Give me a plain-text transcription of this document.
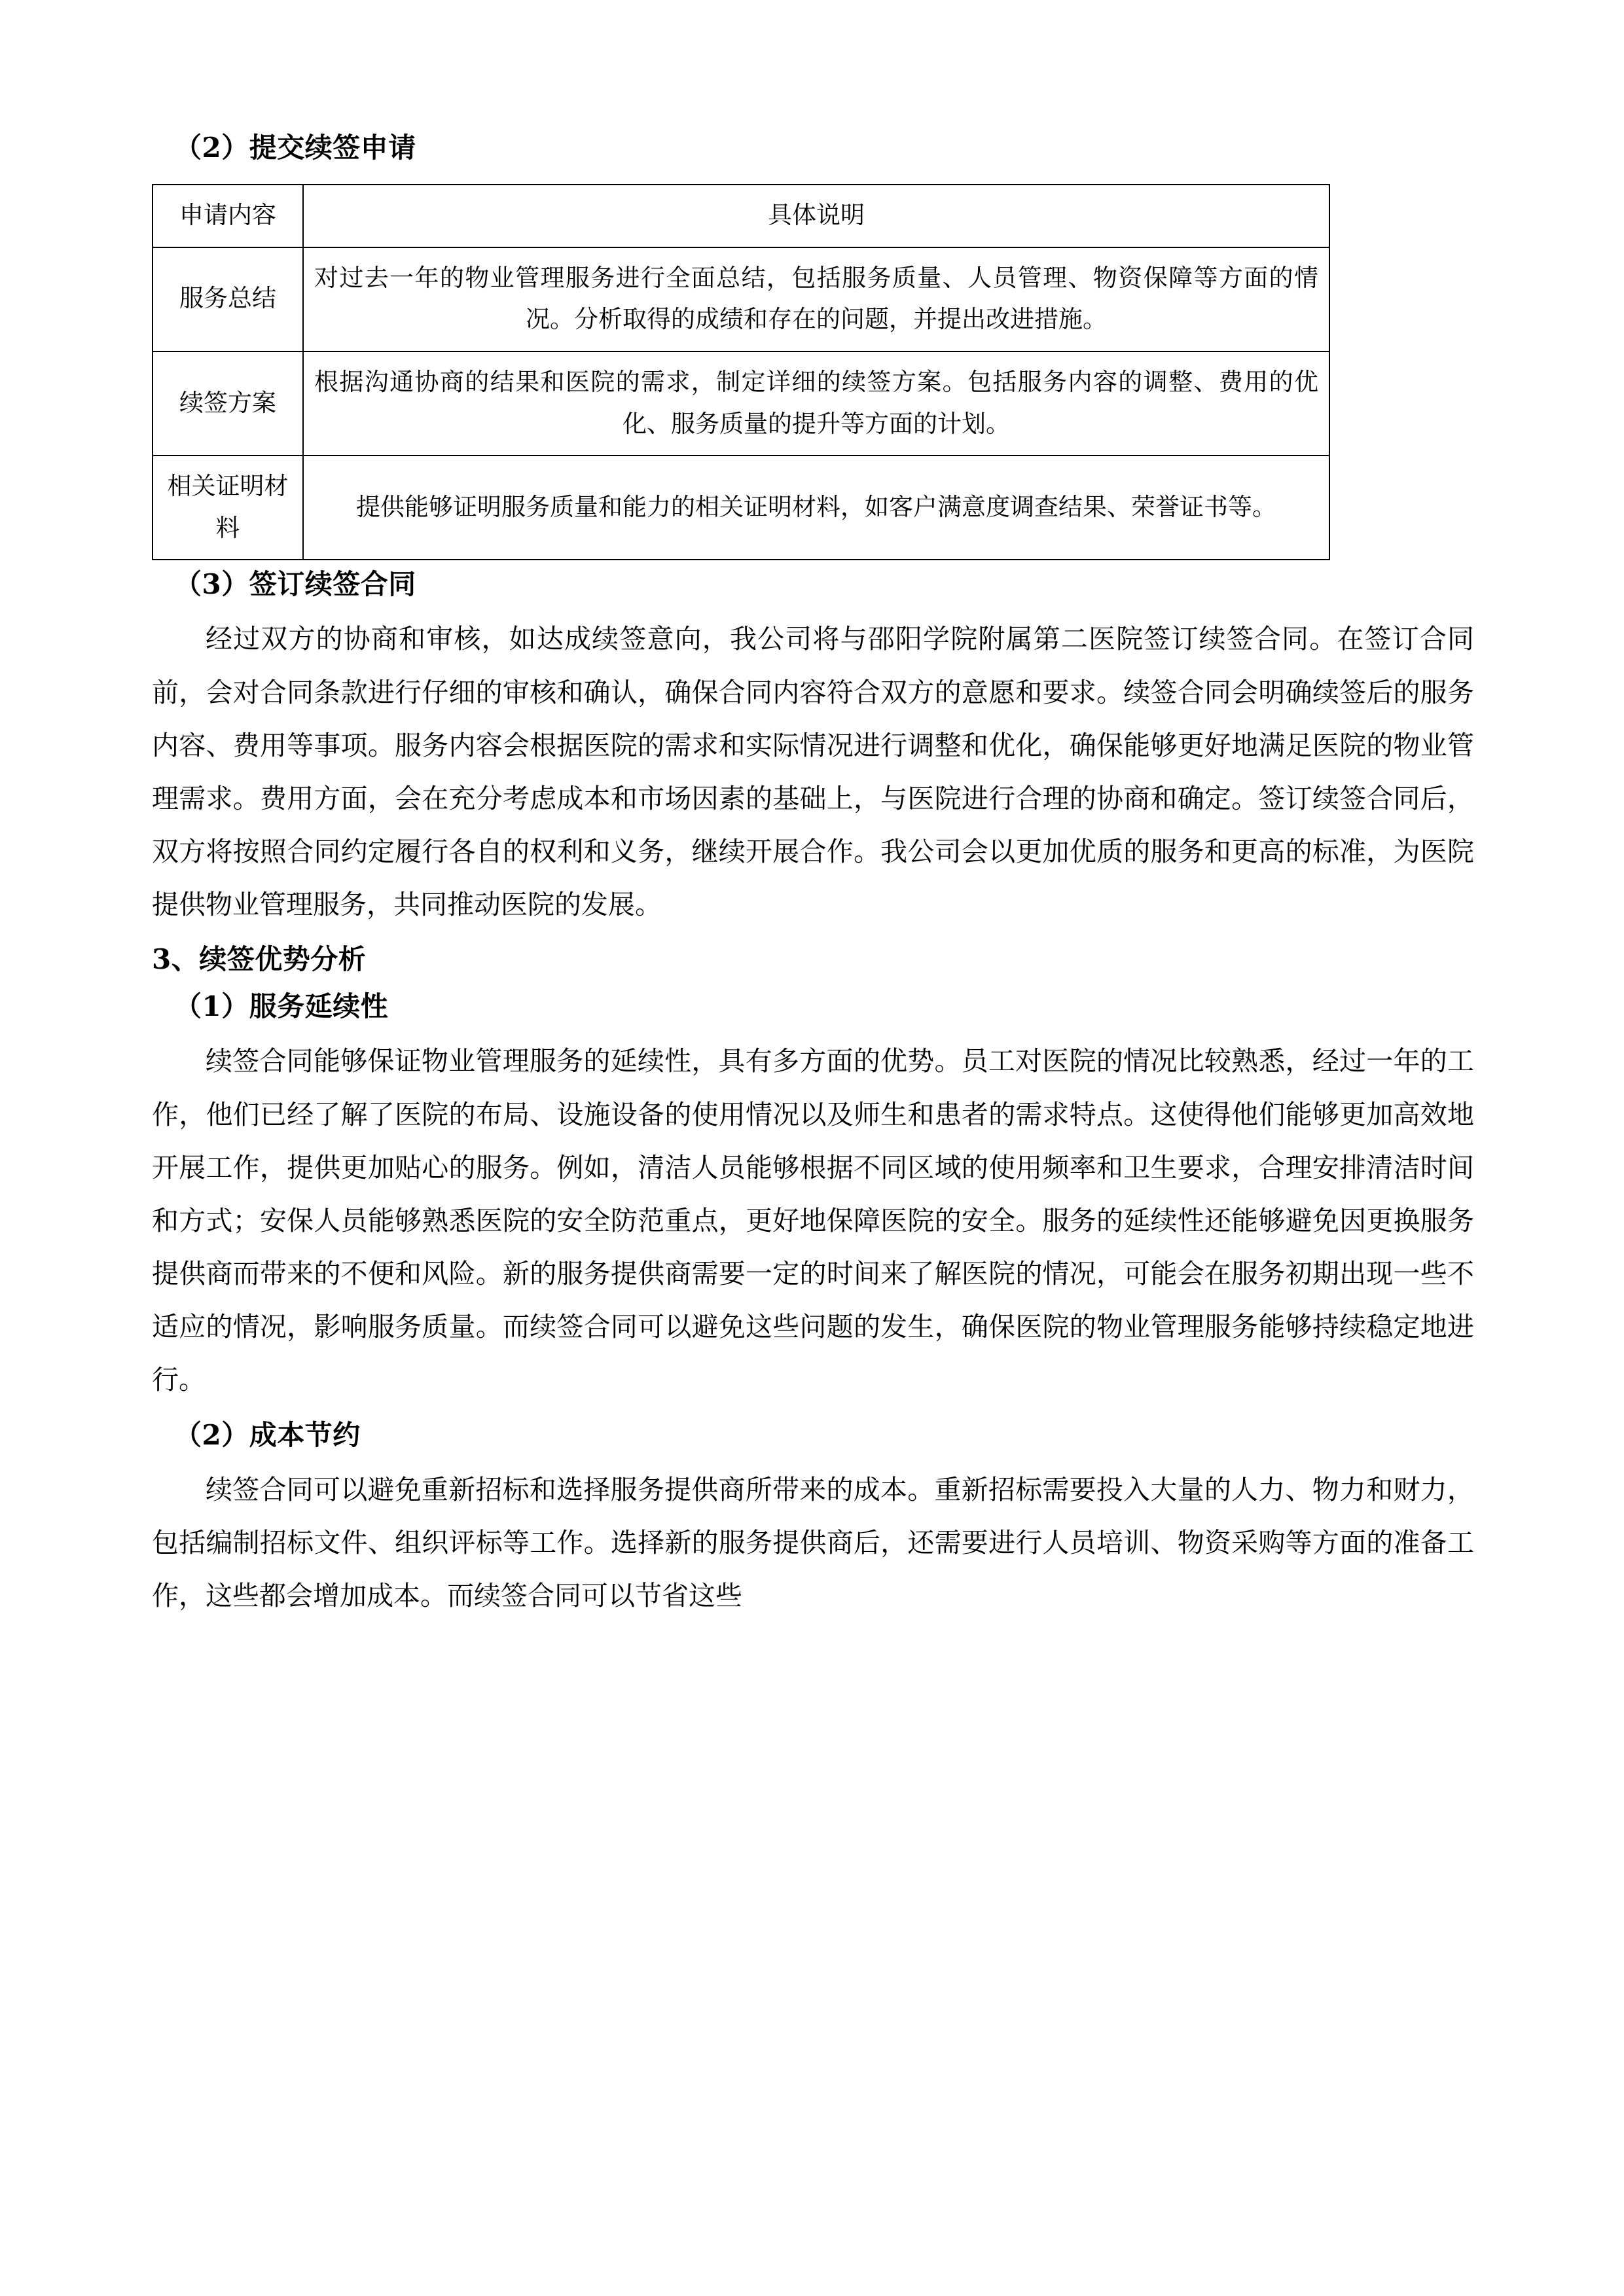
（2）提交续签申请
申请内容	具体说明
服务总结	对过去一年的物业管理服务进行全面总结，包括服务质量、人员管理、物资保障等方面的情况。分析取得的成绩和存在的问题，并提出改进措施。
续签方案	根据沟通协商的结果和医院的需求，制定详细的续签方案。包括服务内容的调整、费用的优化、服务质量的提升等方面的计划。
相关证明材料	提供能够证明服务质量和能力的相关证明材料，如客户满意度调查结果、荣誉证书等。
（3）签订续签合同

经过双方的协商和审核，如达成续签意向，我公司将与邵阳学院附属第二医院签订续签合同。在签订合同前，会对合同条款进行仔细的审核和确认，确保合同内容符合双方的意愿和要求。续签合同会明确续签后的服务内容、费用等事项。服务内容会根据医院的需求和实际情况进行调整和优化，确保能够更好地满足医院的物业管理需求。费用方面，会在充分考虑成本和市场因素的基础上，与医院进行合理的协商和确定。签订续签合同后，双方将按照合同约定履行各自的权利和义务，继续开展合作。我公司会以更加优质的服务和更高的标准，为医院提供物业管理服务，共同推动医院的发展。

3、续签优势分析
（1）服务延续性

续签合同能够保证物业管理服务的延续性，具有多方面的优势。员工对医院的情况比较熟悉，经过一年的工作，他们已经了解了医院的布局、设施设备的使用情况以及师生和患者的需求特点。这使得他们能够更加高效地开展工作，提供更加贴心的服务。例如，清洁人员能够根据不同区域的使用频率和卫生要求，合理安排清洁时间和方式；安保人员能够熟悉医院的安全防范重点，更好地保障医院的安全。服务的延续性还能够避免因更换服务提供商而带来的不便和风险。新的服务提供商需要一定的时间来了解医院的情况，可能会在服务初期出现一些不适应的情况，影响服务质量。而续签合同可以避免这些问题的发生，确保医院的物业管理服务能够持续稳定地进行。

（2）成本节约

续签合同可以避免重新招标和选择服务提供商所带来的成本。重新招标需要投入大量的人力、物力和财力，包括编制招标文件、组织评标等工作。选择新的服务提供商后，还需要进行人员培训、物资采购等方面的准备工作，这些都会增加成本。而续签合同可以节省这些
